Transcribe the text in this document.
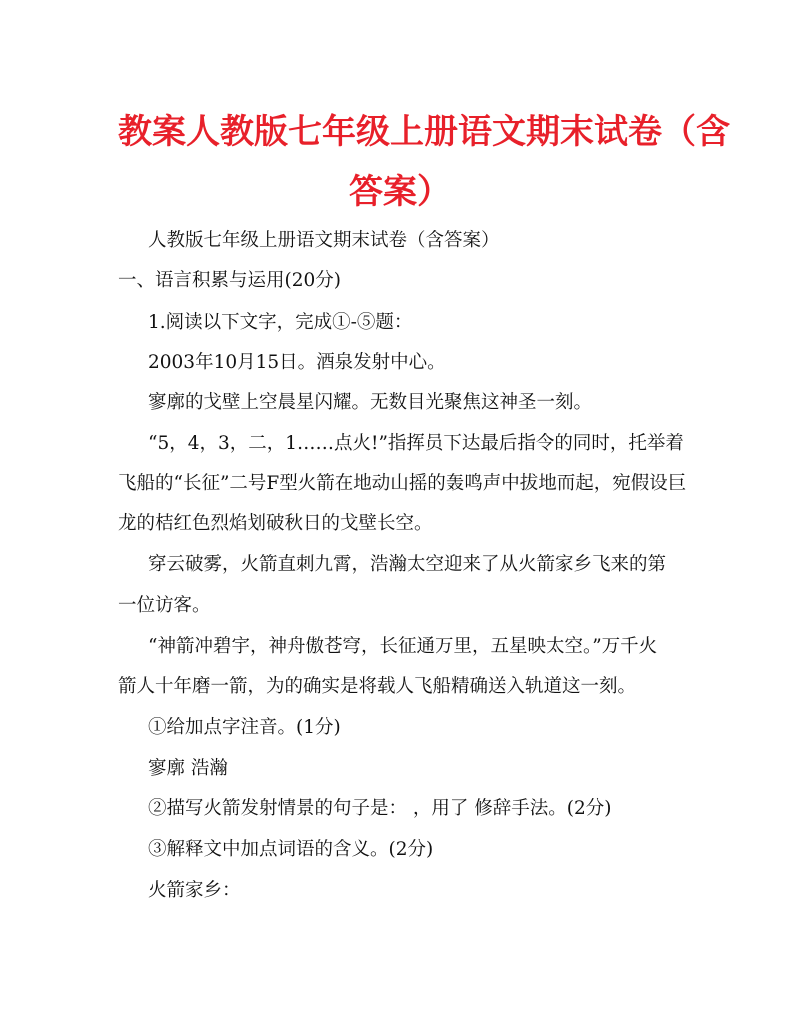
教案人教版七年级上册语文期末试卷（含
答案）
人教版七年级上册语文期末试卷（含答案）
一、语言积累与运用(20分)
1.阅读以下文字，完成①-⑤题：
2003年10月15日。酒泉发射中心。
寥廓的戈壁上空晨星闪耀。无数目光聚焦这神圣一刻。
“5，4，3，二，1……点火!”指挥员下达最后指令的同时，托举着
飞船的“长征”二号F型火箭在地动山摇的轰鸣声中拔地而起，宛假设巨
龙的桔红色烈焰划破秋日的戈壁长空。
穿云破雾，火箭直刺九霄，浩瀚太空迎来了从火箭家乡飞来的第
一位访客。
“神箭冲碧宇，神舟傲苍穹，长征通万里，五星映太空。”万千火
箭人十年磨一箭，为的确实是将载人飞船精确送入轨道这一刻。
①给加点字注音。(1分)
寥廓 浩瀚
②描写火箭发射情景的句子是： ，用了 修辞手法。(2分)
③解释文中加点词语的含义。(2分)
火箭家乡：
